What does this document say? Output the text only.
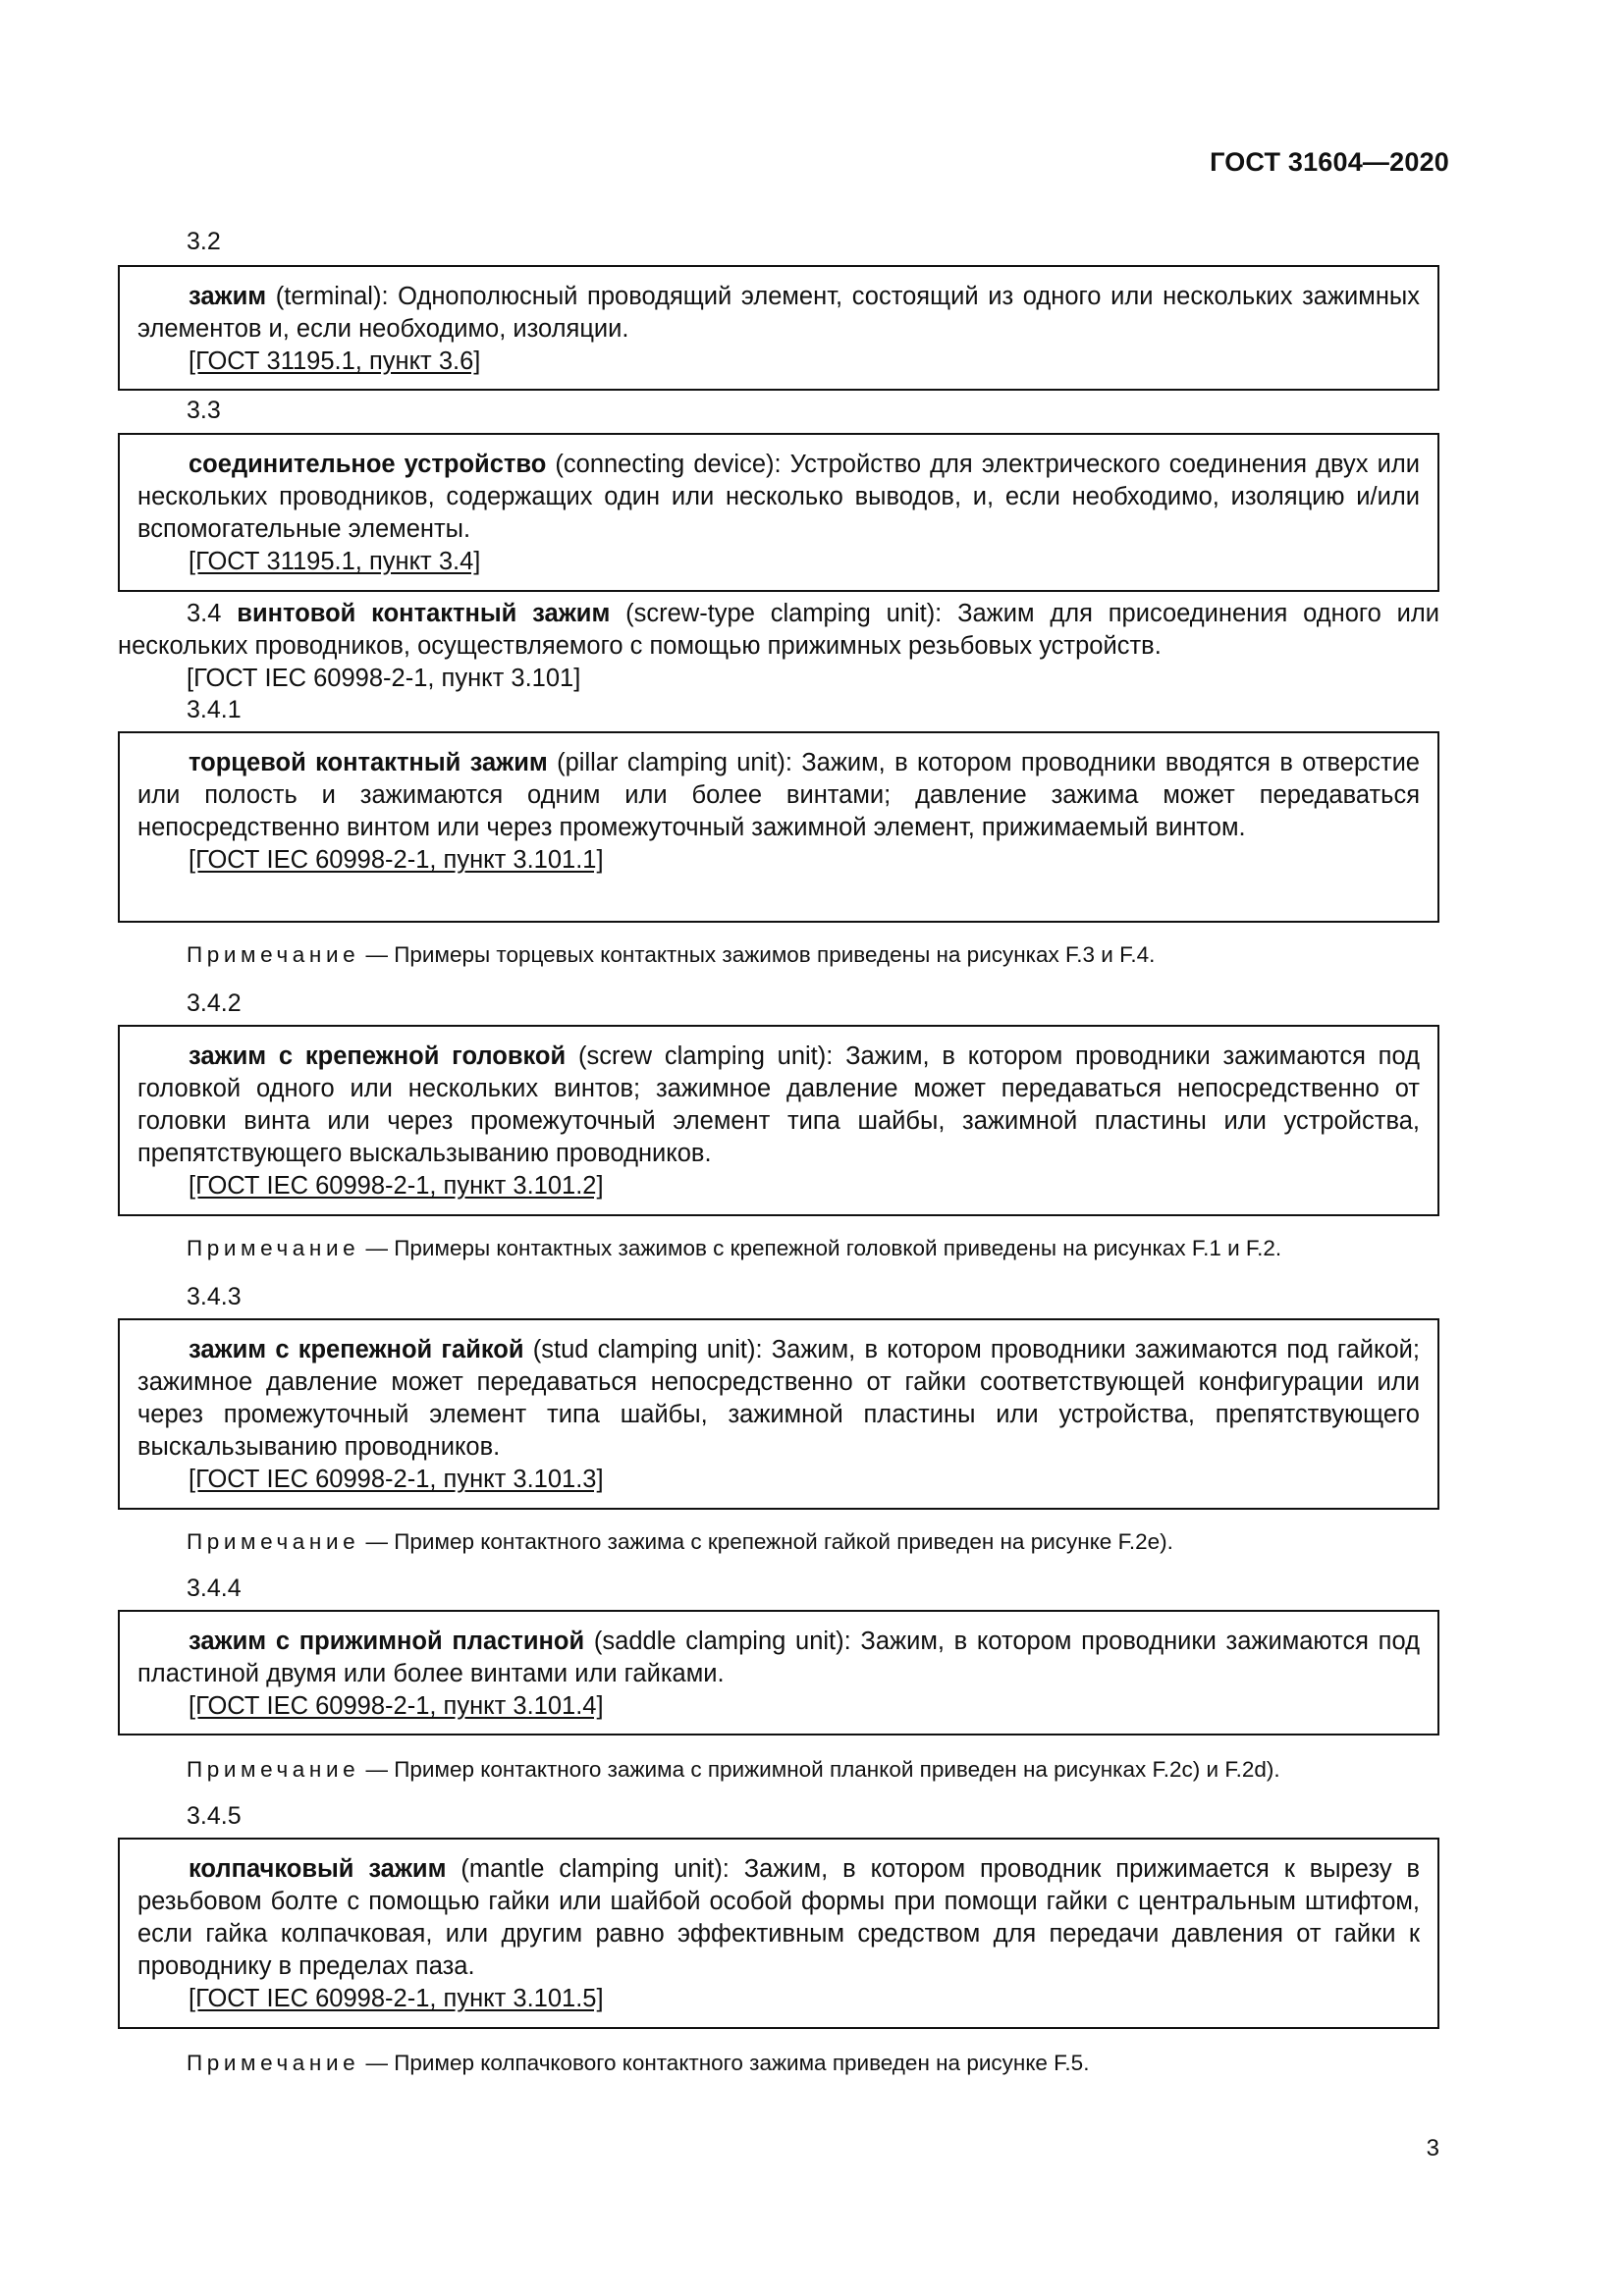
ГОСТ 31604—2020
3.2

зажим (terminal): Однополюсный проводящий элемент, состоящий из одного или нескольких зажимных элементов и, если необходимо, изоляции.

[ГОСТ 31195.1, пункт 3.6]

3.3

соединительное устройство (connecting device): Устройство для электрического соединения двух или нескольких проводников, содержащих один или несколько выводов, и, если необходимо, изоляцию и/или вспомогательные элементы.

[ГОСТ 31195.1, пункт 3.4]

3.4 винтовой контактный зажим (screw-type clamping unit): Зажим для присоединения одного или нескольких проводников, осуществляемого с помощью прижимных резьбовых устройств.

[ГОСТ IEC 60998-2-1, пункт 3.101]

3.4.1

торцевой контактный зажим (pillar clamping unit): Зажим, в котором проводники вводятся в отверстие или полость и зажимаются одним или более винтами; давление зажима может передаваться непосредственно винтом или через промежуточный зажимной элемент, прижимаемый винтом.

[ГОСТ IEC 60998-2-1, пункт 3.101.1]

Примечание — Примеры торцевых контактных зажимов приведены на рисунках F.3 и F.4.
3.4.2

зажим с крепежной головкой (screw clamping unit): Зажим, в котором проводники зажимаются под головкой одного или нескольких винтов; зажимное давление может передаваться непосредственно от головки винта или через промежуточный элемент типа шайбы, зажимной пластины или устройства, препятствующего выскальзыванию проводников.

[ГОСТ IEC 60998-2-1, пункт 3.101.2]

Примечание — Примеры контактных зажимов с крепежной головкой приведены на рисунках F.1 и F.2.
3.4.3

зажим с крепежной гайкой (stud clamping unit): Зажим, в котором проводники зажимаются под гайкой; зажимное давление может передаваться непосредственно от гайки соответствующей конфигурации или через промежуточный элемент типа шайбы, зажимной пластины или устройства, препятствующего выскальзыванию проводников.

[ГОСТ IEC 60998-2-1, пункт 3.101.3]

Примечание — Пример контактного зажима с крепежной гайкой приведен на рисунке F.2e).
3.4.4

зажим с прижимной пластиной (saddle clamping unit): Зажим, в котором проводники зажимаются под пластиной двумя или более винтами или гайками.

[ГОСТ IEC 60998-2-1, пункт 3.101.4]

Примечание — Пример контактного зажима с прижимной планкой приведен на рисунках F.2c) и F.2d).
3.4.5

колпачковый зажим (mantle clamping unit): Зажим, в котором проводник прижимается к вырезу в резьбовом болте с помощью гайки или шайбой особой формы при помощи гайки с центральным штифтом, если гайка колпачковая, или другим равно эффективным средством для передачи давления от гайки к проводнику в пределах паза.

[ГОСТ IEC 60998-2-1, пункт 3.101.5]

Примечание — Пример колпачкового контактного зажима приведен на рисунке F.5.
3
